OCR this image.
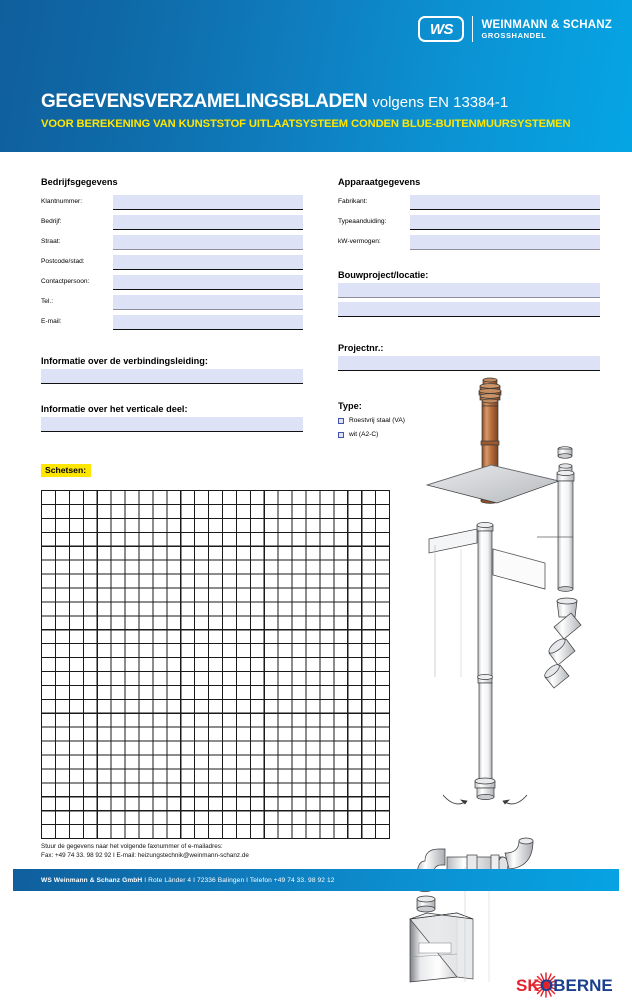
WS WEINMANN & SCHANZ
GROSSHANDEL
GEGEVENSVERZAMELINGSBLADEN volgens EN 13384-1
VOOR BEREKENING VAN KUNSTSTOF UITLAATSYSTEEM CONDEN BLUE-BUITENMUURSYSTEMEN
Bedrijfsgegevens
Klantnummer:
Bedrijf:
Straat:
Postcode/stad:
Contactpersoon:
Tel.:
E-mail:
Informatie over de verbindingsleiding:
Informatie over het verticale deel:
Apparaatgegevens
Fabrikant:
Typeaanduiding:
kW-vermogen:
Bouwproject/locatie:
Projectnr.:
Type:
Roestvrij staal (VA)
wit (A2-C)
Schetsen:
SK OBERNE
Stuur de gegevens naar het volgende faxnummer of e-mailadres:
Fax: +49 74 33. 98 92 92 I E-mail: heizungstechnik@weinmann-schanz.de
WS Weinmann & Schanz GmbH I Rote Länder 4 I 72336 Balingen I Telefon +49 74 33. 98 92 12
